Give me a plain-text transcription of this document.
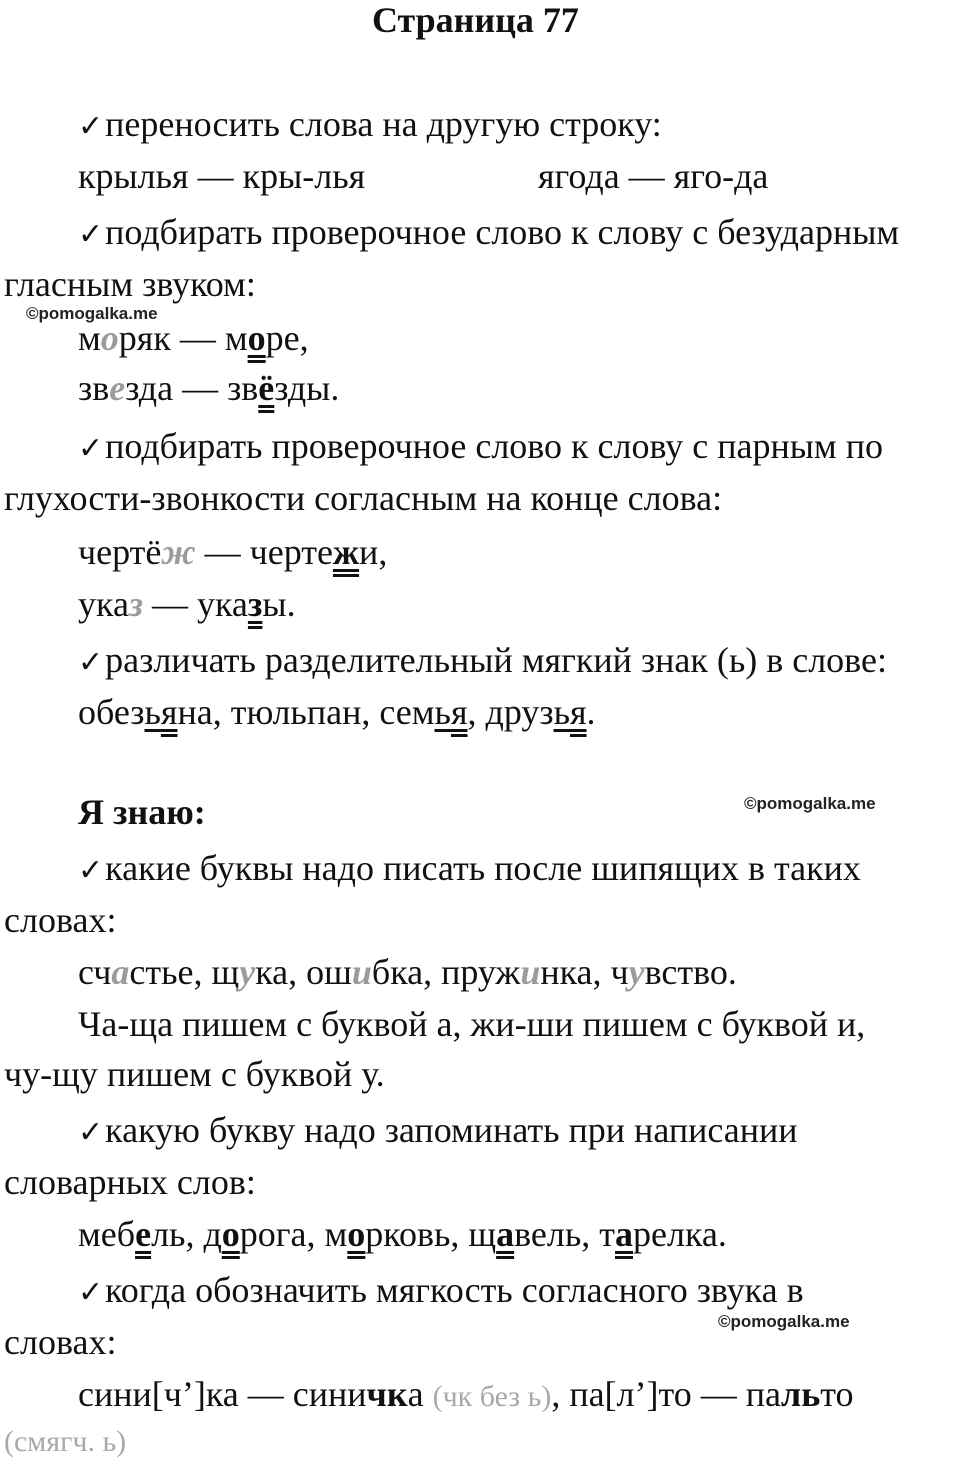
Страница 77
✓переносить слова на другую строку:
крылья — кры-лья	ягода — яго-да
✓подбирать проверочное слово к слову с безударным
гласным звуком:
©pomogalka.me
моряк — море,
звезда — звёзды.
✓подбирать проверочное слово к слову с парным по
глухости-звонкости согласным на конце слова:
чертёж — чертежи,
указ — указы.
✓различать разделительный мягкий знак (ь) в слове:
обезьяна, тюльпан, семья, друзья.
Я знаю:	©pomogalka.me
✓какие буквы надо писать после шипящих в таких
словах:
счастье, щука, ошибка, пружинка, чувство.
Ча-ща пишем с буквой а, жи-ши пишем с буквой и,
чу-щу пишем с буквой у.
✓какую букву надо запоминать при написании
словарных слов:
мебель, дорога, морковь, щавель, тарелка.
✓когда обозначить мягкость согласного звука в
©pomogalka.me
словах:
сини[ч’]ка — синичка (чк без ь), па[л’]то — пальто
(смягч. ь)
